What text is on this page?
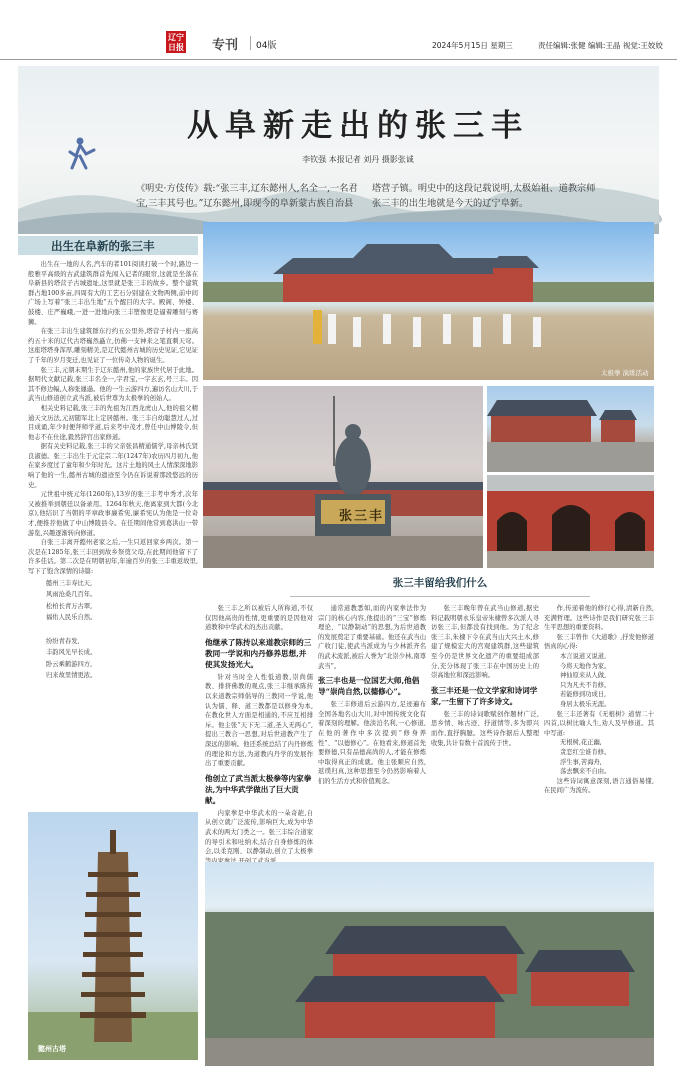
辽宁日报 专刊 04版	2024年5月15日 星期三	责任编辑:张健 编辑:王晶 视觉:王姣姣
从阜新走出的张三丰
李钦强 本报记者 刘丹 摄影张诚
《明史·方伎传》载:“张三丰,辽东懿州人,名全一,一名君宝,三丰其号也。”辽东懿州,即现今的阜新蒙古族自治县塔营子镇。明史中的这段记载说明,太极始祖、道教宗师张三丰的出生地就是今天的辽宁阜新。
出生在阜新的张三丰

出生在一地的人名,汽车的者101阅读打破一个时,路边一般雅平高级的古武建筑群首先闯入记者的眼帘,这就是坐落在阜新县的塔营子古城遗址,这里就是张三丰的故乡。整个建筑群占地100多亩,四周有大的工艺石分别建在文物两侧,前中间广场上写着“张三丰出生地”五个醒目的大字。殿阁、钟楼、鼓楼、庄严巍峨,一进一进地向张三丰塑像更是逼着雕刻与赛狮。

在张三丰出生建筑群东行约五公里外,塔营子村内一座高约五十米的辽代古塔巍然矗立,仿佛一支神来之笔直刺天穹。这座塔塔身浑厚,雕刻精美,是辽代懿州古城的历史见证,它见证了千年的岁月变迁,也见证了一位传奇人物的诞生。

张三丰,元朝末期生于辽东懿州,他的家族世代居于此地。据明代文献记载,张三丰名全一,字君宝,一字玄玄,号三丰。因其不修边幅,人称张邋遢。他的一生云游四方,遍访名山大川,于武当山修道创立武当派,被后世尊为太极拳的创始人。

相关史料记载,张三丰的先祖为江西龙虎山人,他的祖父精通天文历法,元初随军北上定居懿州。张三丰自幼聪慧过人,过目成诵,年少时便拜师学道,后来考中茂才,曾任中山博陵令,但他志不在仕途,毅然辞官出家修道。

据有关史料记载,张三丰的父亲张昌精通儒学,母亲林氏贤良淑德。张三丰出生于元定宗二年(1247年)农历四月初九,他在家乡度过了童年和少年时光。这片土地的风土人情深深地影响了他的一生,懿州古城的遗迹至今仍在诉说着那段悠远的历史。

元世祖中统元年(1260年),13岁的张三丰考中秀才,次年又被推举到朝廷以备录用。1264年秋天,他离家到大都(今北京),他结识了当朝的平章政事廉希宪,廉希宪认为他是一位奇才,便推荐他做了中山博陵县令。在任期间他常到葛洪山一带游览,兴趣逐渐转向修道。

自张三丰离开懿州老家之后,一生只返回家乡两次。第一次是在1285年,张三丰回到故乡祭奠父母,在此期间他留下了许多佳话。第二次是在明朝初年,年逾百岁的张三丰重返故里,写下了饱含深情的诗篇:

懿州三丰寿比天,

风雨沧桑几百年。

松柏长青万古翠,

福佑人民乐自然。

纷纷青春发,

丰韵风光早长成。

卧云乘鹤游四方,

归来故里情更浓。

懿州古塔
太极拳 演练活动
张三丰
张三丰留给我们什么

张三丰之所以被后人所称道,不仅仅因他高贵的性情,更重要的是因他对道教和中华武术的杰出贡献。

他继承了陈抟以来道教宗师的三教同一学说和内丹修养思想,并使其发扬光大。

针对当时全人性低道教,崇尚儒教、排挤佛教的观点,张三丰继承陈抟以来道教宗师倡导的三教同一学说,他认为儒、释、道三教都是以修身为本,在教化世人方面是相通的,不应互相排斥。他主张“天下无二道,圣人无两心”,提出三教合一思想,对后世道教产生了深远的影响。他还系统总结了内丹修炼的理论和方法,为道教内丹学的发展作出了重要贡献。

他创立了武当派太极拳等内家拳法,为中华武学做出了巨大贡献。

内家拳是中华武术的一朵奇葩,自从创立就广泛流传,影响巨大,成为中华武术的两大门类之一。张三丰综合道家的导引术和吐纳术,结合自身修炼的体会,以柔克刚、以静制动,创立了太极拳

通常道教悉如,而的内家拳法作为宗门的核心内容,他提出的“三宝”修炼理论、“以静制动”的思想,为后世道教的发展奠定了重要基础。他还在武当山广收门徒,使武当派成为与少林派齐名的武术流派,被后人誉为“北崇少林,南尊武当”。

张三丰也是一位国艺大师,他倡导“崇尚自然,以德修心”。

张三丰修道后云游四方,足迹遍布全国各地名山大川,对中国传统文化有着深刻的理解。他淡泊名利,一心修道,在他的著作中多次提到“修身养性”、“以德修心”。在他看来,修道首先要修德,只有品德高尚的人,才能在修炼中取得真正的成就。他主张顺应自然,返璞归真,这种思想至今仍然影响着人们的生活方式和价值观念。

张三丰晚年曾在武当山修道,据史料记载明朝永乐皇帝朱棣曾多次派人寻访张三丰,但都没有找到他。为了纪念张三丰,朱棣下令在武当山大兴土木,修建了规模宏大的宫观建筑群,这些建筑至今仍是世界文化遗产的重要组成部分,充分体现了张三丰在中国历史上的崇高地位和深远影响。

张三丰还是一位文学家和诗词学家,一生留下了许多诗文。

张三丰的诗词歌赋创作题材广泛,思乡情、咏古迹、抒道情等,多为即兴而作,直抒胸臆。这些诗作据后人整理收集,共计有数十首流传于世。

作,传递着他的修行心得,清新自然,充满哲理。这些诗作是我们研究张三丰生平思想的重要资料。

张三丰曾作《大道歌》,抒发他修道悟真的心得:

本言说道又说道,

今将天地作为家。

神仙原来从人做,

只为凡夫不肯修。

若能修到功成日,

身居太极乐无涯。

张三丰还著有《无根树》道情二十四首,以树比喻人生,劝人及早修道。其中写道:

无根树,花正幽,

贪恋红尘谁肯修。

浮生事,苦海舟,

荡去飘来不自由。

这些诗词寓意深刻,语言通俗易懂,在民间广为流传。
